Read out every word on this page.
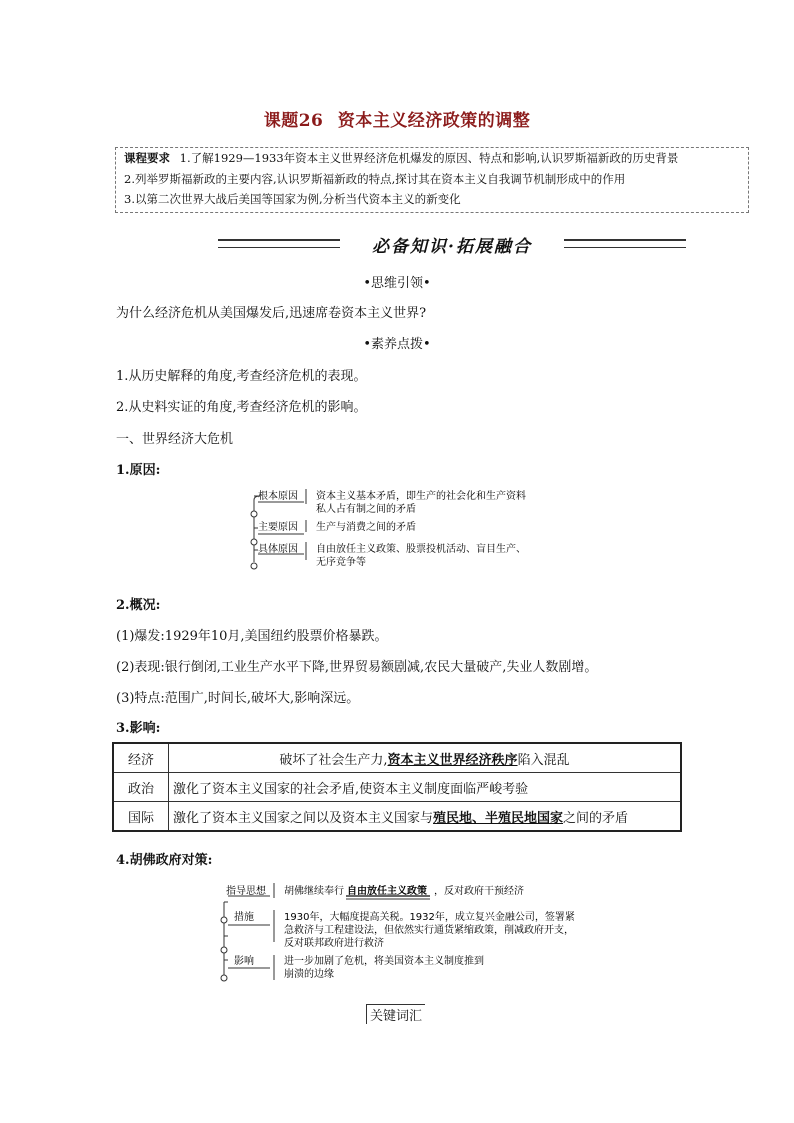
课题26 资本主义经济政策的调整
课程要求 1.了解1929—1933年资本主义世界经济危机爆发的原因、特点和影响,认识罗斯福新政的历史背景
2.列举罗斯福新政的主要内容,认识罗斯福新政的特点,探讨其在资本主义自我调节机制形成中的作用
3.以第二次世界大战后美国等国家为例,分析当代资本主义的新变化
必备知识·拓展融合
•思维引领•
为什么经济危机从美国爆发后,迅速席卷资本主义世界?
•素养点拨•
1.从历史解释的角度,考查经济危机的表现。
2.从史料实证的角度,考查经济危机的影响。
一、世界经济大危机
1.原因:
根本原因 资本主义基本矛盾，即生产的社会化和生产资料
私人占有制之间的矛盾
主要原因 生产与消费之间的矛盾
具体原因 自由放任主义政策、股票投机活动、盲目生产、
无序竞争等
2.概况:
(1)爆发:1929年10月,美国纽约股票价格暴跌。
(2)表现:银行倒闭,工业生产水平下降,世界贸易额剧减,农民大量破产,失业人数剧增。
(3)特点:范围广,时间长,破坏大,影响深远。
3.影响:
经济	破坏了社会生产力,资本主义世界经济秩序陷入混乱
政治	激化了资本主义国家的社会矛盾,使资本主义制度面临严峻考验
国际	激化了资本主义国家之间以及资本主义国家与殖民地、半殖民地国家之间的矛盾
4.胡佛政府对策:
指导思想 胡佛继续奉行 自由放任主义政策 ，反对政府干预经济
措施	1930年，大幅度提高关税。1932年，成立复兴金融公司，签署紧
急救济与工程建设法，但依然实行通货紧缩政策，削减政府开支，
反对联邦政府进行救济
影响	进一步加剧了危机，将美国资本主义制度推到
崩溃的边缘
关键词汇
